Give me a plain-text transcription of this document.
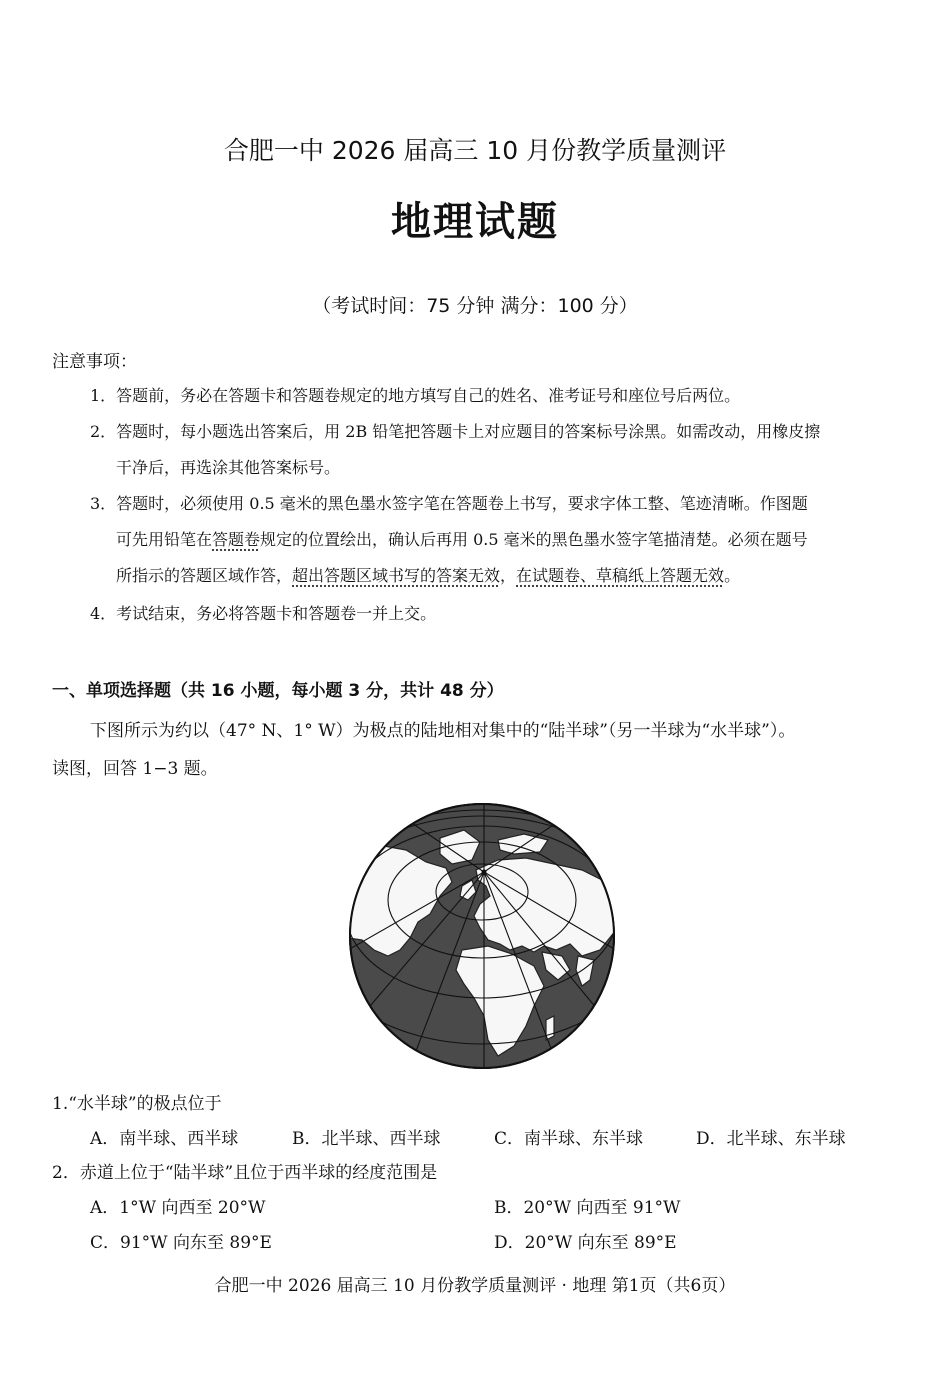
合肥一中 2026 届高三 10 月份教学质量测评
地理试题
（考试时间：75 分钟 满分：100 分）
注意事项：
1．答题前，务必在答题卡和答题卷规定的地方填写自己的姓名、准考证号和座位号后两位。
2．答题时，每小题选出答案后，用 2B 铅笔把答题卡上对应题目的答案标号涂黑。如需改动，用橡皮擦
干净后，再选涂其他答案标号。
3．答题时，必须使用 0.5 毫米的黑色墨水签字笔在答题卷上书写，要求字体工整、笔迹清晰。作图题
可先用铅笔在答题卷规定的位置绘出，确认后再用 0.5 毫米的黑色墨水签字笔描清楚。必须在题号
所指示的答题区域作答，超出答题区域书写的答案无效，在试题卷、草稿纸上答题无效。
4．考试结束，务必将答题卡和答题卷一并上交。
一、单项选择题（共 16 小题，每小题 3 分，共计 48 分）
下图所示为约以（47° N、1° W）为极点的陆地相对集中的“陆半球”（另一半球为“水半球”）。
读图，回答 1−3 题。
1.“水半球”的极点位于
A．南半球、西半球	B．北半球、西半球	C．南半球、东半球	D．北半球、东半球
2．赤道上位于“陆半球”且位于西半球的经度范围是
A．1°W 向西至 20°W	B．20°W 向西至 91°W
C．91°W 向东至 89°E	D．20°W 向东至 89°E
合肥一中 2026 届高三 10 月份教学质量测评 · 地理 第1页（共6页）
